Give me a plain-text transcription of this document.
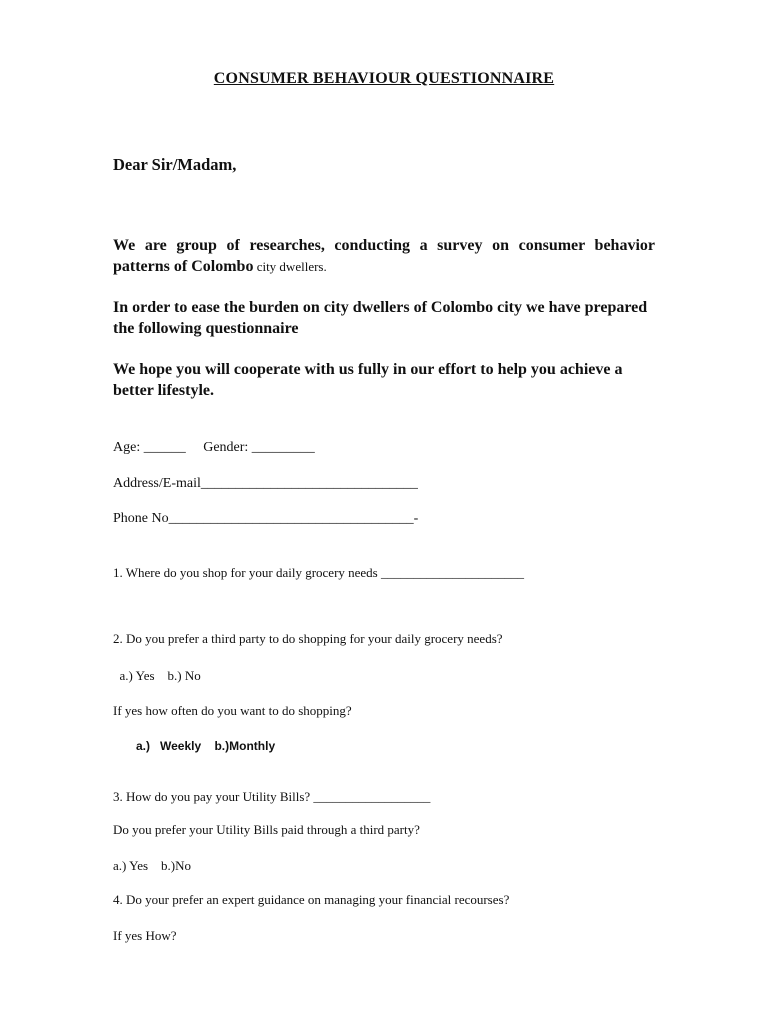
CONSUMER BEHAVIOUR QUESTIONNAIRE
Dear Sir/Madam,
We are group of researches, conducting a survey on consumer behavior patterns of Colombo city dwellers.
In order to ease the burden on city dwellers of Colombo city we have prepared the following questionnaire
We hope you will cooperate with us fully in our effort to help you achieve a better lifestyle.
Age: ______     Gender: _________
Address/E-mail_______________________________
Phone No___________________________________-
1. Where do you shop for your daily grocery needs ______________________
2. Do you prefer a third party to do shopping for your daily grocery needs?
a.) Yes    b.) No
If yes how often do you want to do shopping?
a.)   Weekly    b.)Monthly
3. How do you pay your Utility Bills? __________________
Do you prefer your Utility Bills paid through a third party?
a.) Yes    b.)No
4. Do your prefer an expert guidance on managing your financial recourses?
If yes How?
